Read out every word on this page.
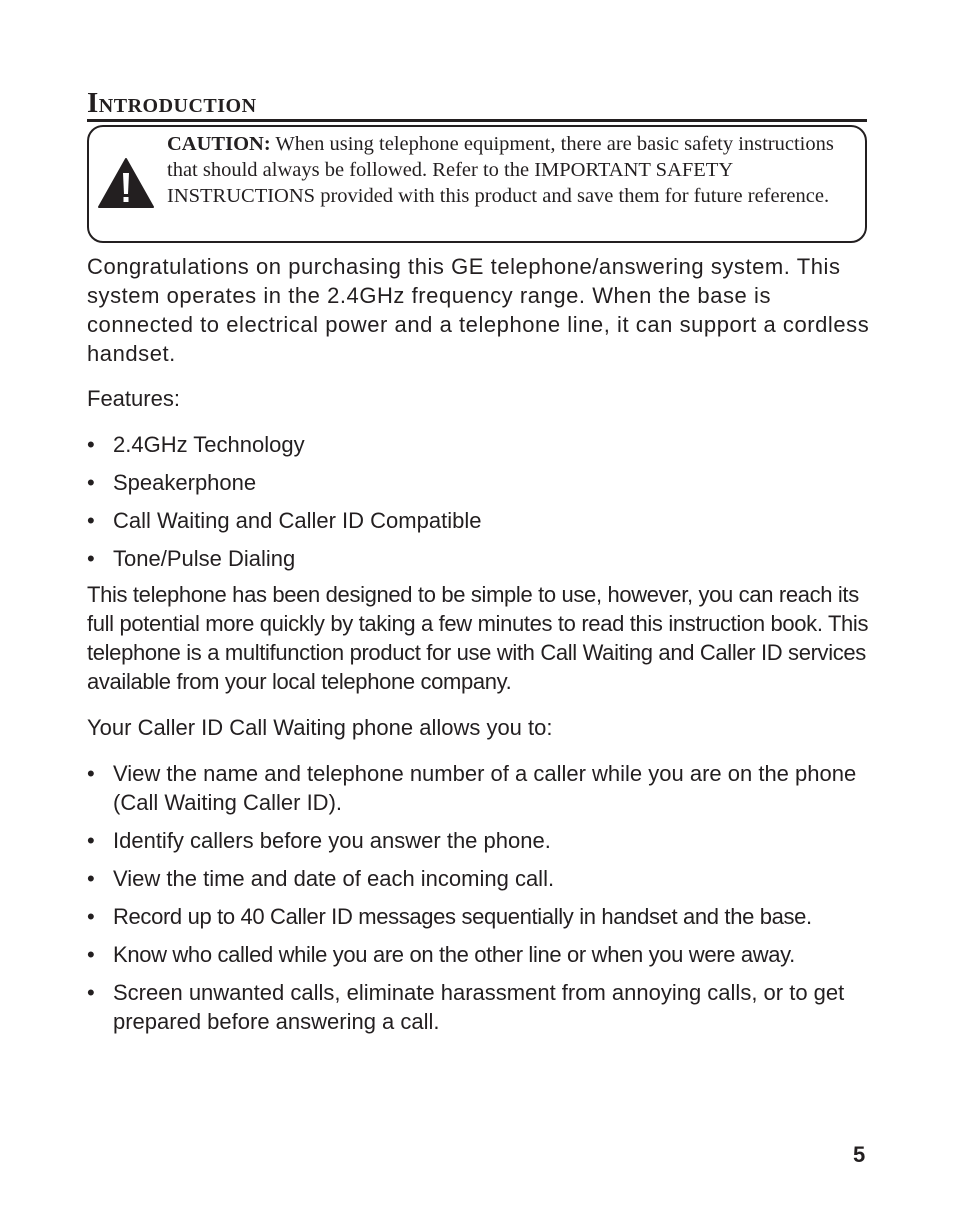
Introduction

CAUTION: When using telephone equipment, there are basic safety instructions that should always be followed. Refer to the IMPORTANT SAFETY INSTRUCTIONS provided with this product and save them for future reference.

Congratulations on purchasing this GE telephone/answering system. This system operates in the 2.4GHz frequency range. When the base is connected to electrical power and a telephone line, it can support a cordless handset.

Features:

• 2.4GHz Technology
• Speakerphone
• Call Waiting and Caller ID Compatible
• Tone/Pulse Dialing

This telephone has been designed to be simple to use, however, you can reach its full potential more quickly by taking a few minutes to read this instruction book. This telephone is a multifunction product for use with Call Waiting and Caller ID services available from your local telephone company.

Your Caller ID Call Waiting phone allows you to:

• View the name and telephone number of a caller while you are on the phone (Call Waiting Caller ID).
• Identify callers before you answer the phone.
• View the time and date of each incoming call.
• Record up to 40 Caller ID messages sequentially in handset and the base.
• Know who called while you are on the other line or when you were away.
• Screen unwanted calls, eliminate harassment from annoying calls, or to get prepared before answering a call.
5
